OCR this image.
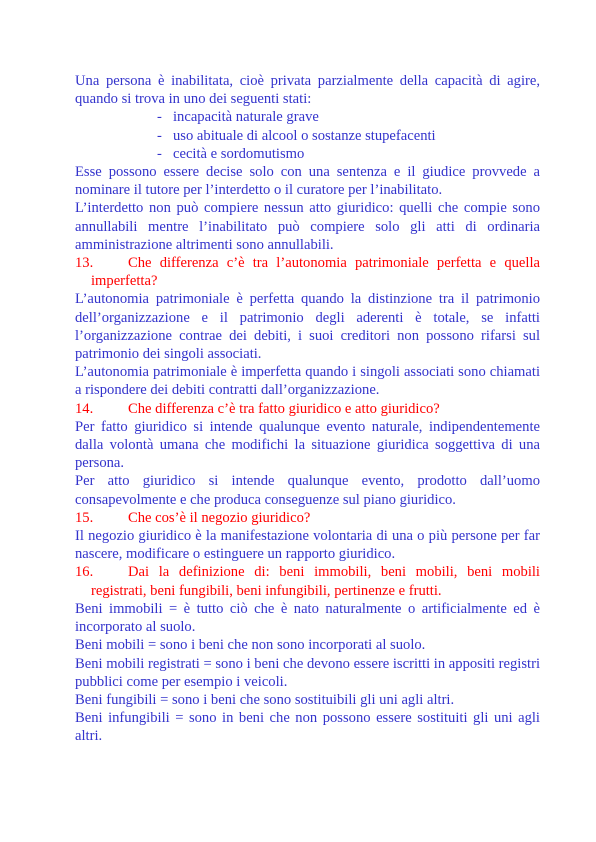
Una persona è inabilitata, cioè privata parzialmente della capacità di agire, quando si trova in uno dei seguenti stati:

- incapacità naturale grave
- uso abituale di alcool o sostanze stupefacenti
- cecità e sordomutismo

Esse possono essere decise solo con una sentenza e il giudice provvede a nominare il tutore per l’interdetto o il curatore per l’inabilitato.

L’interdetto non può compiere nessun atto giuridico: quelli che compie sono annullabili mentre l’inabilitato può compiere solo gli atti di ordinaria amministrazione altrimenti sono annullabili.

13. Che differenza c’è tra l’autonomia patrimoniale perfetta e quella imperfetta?

L’autonomia patrimoniale è perfetta quando la distinzione tra il patrimonio dell’organizzazione e il patrimonio degli aderenti è totale, se infatti l’organizzazione contrae dei debiti, i suoi creditori non possono rifarsi sul patrimonio dei singoli associati.

L’autonomia patrimoniale è imperfetta quando i singoli associati sono chiamati a rispondere dei debiti contratti dall’organizzazione.

14. Che differenza c’è tra fatto giuridico e atto giuridico?

Per fatto giuridico si intende qualunque evento naturale, indipendentemente dalla volontà umana che modifichi la situazione giuridica soggettiva di una persona.

Per atto giuridico si intende qualunque evento, prodotto dall’uomo consapevolmente e che produca conseguenze sul piano giuridico.

15. Che cos’è il negozio giuridico?

Il negozio giuridico è la manifestazione volontaria di una o più persone per far nascere, modificare o estinguere un rapporto giuridico.

16. Dai la definizione di: beni immobili, beni mobili, beni mobili registrati, beni fungibili, beni infungibili, pertinenze e frutti.

Beni immobili = è tutto ciò che è nato naturalmente o artificialmente ed è incorporato al suolo.

Beni mobili = sono i beni che non sono incorporati al suolo.

Beni mobili registrati = sono i beni che devono essere iscritti in appositi registri pubblici come per esempio i veicoli.

Beni fungibili = sono i beni che sono sostituibili gli uni agli altri.

Beni infungibili = sono in beni che non possono essere sostituiti gli uni agli altri.
